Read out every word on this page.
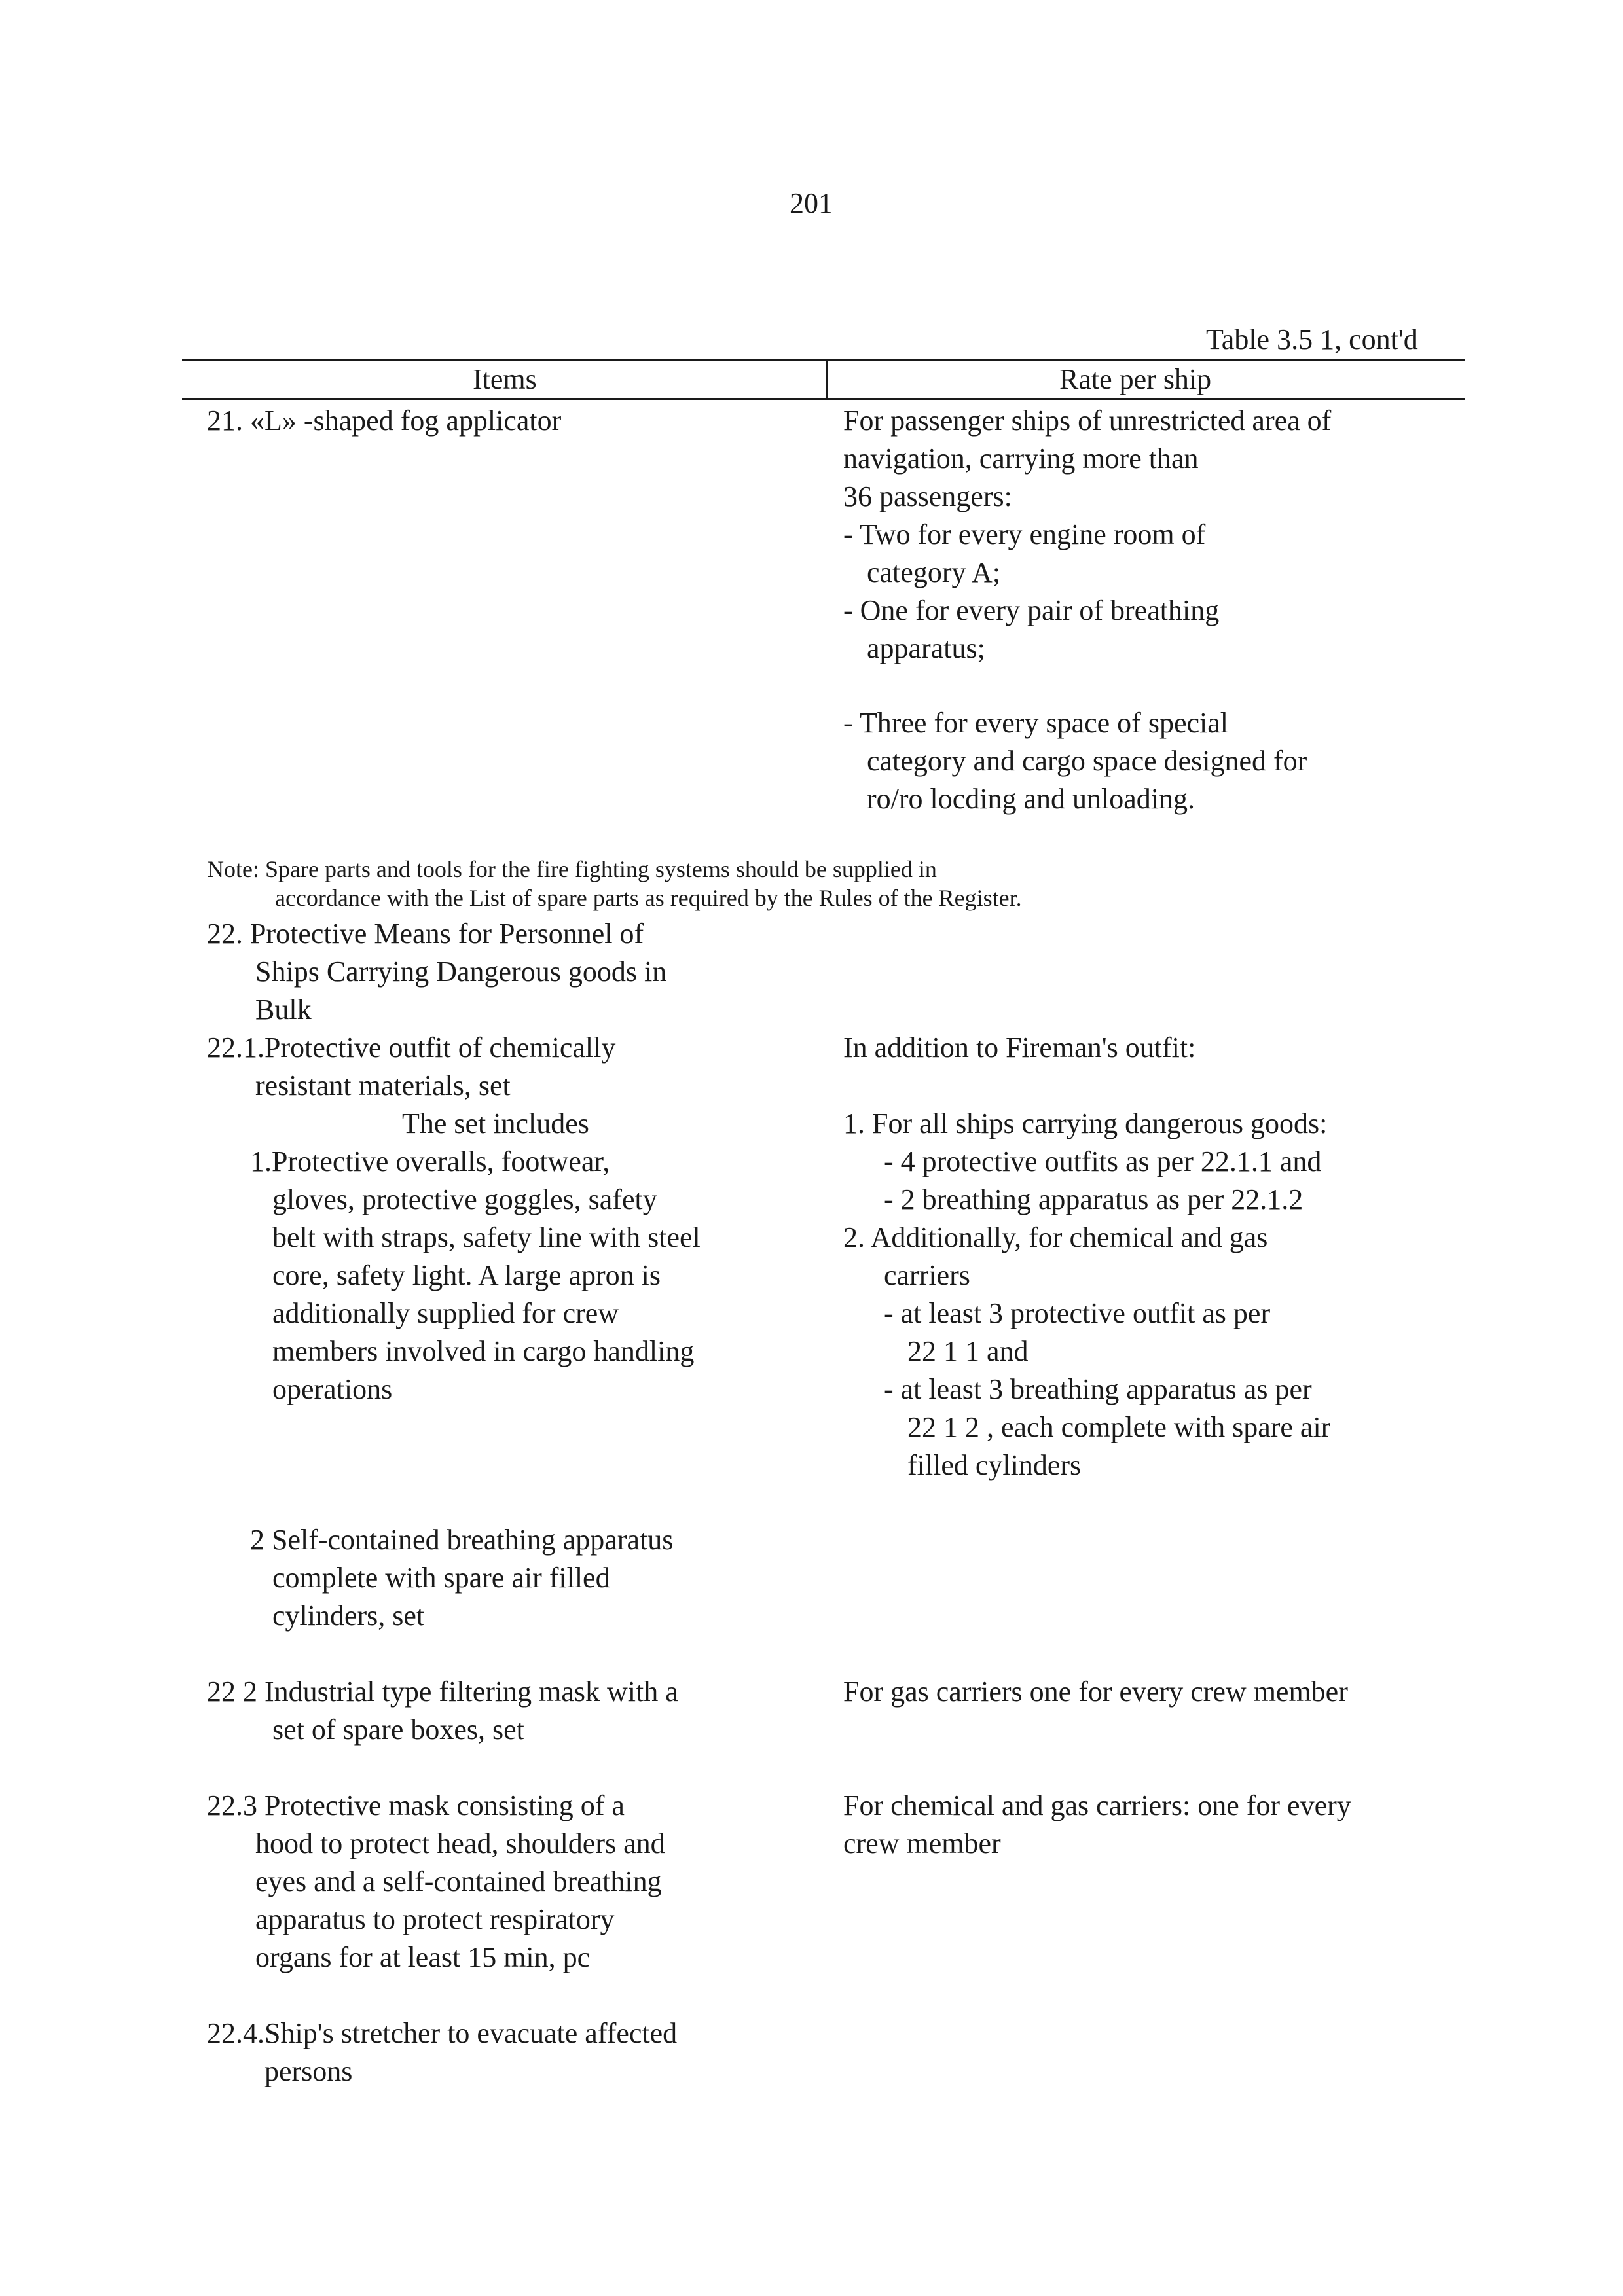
201
Table 3.5 1, cont'd
Items	Rate per ship
21. «L» -shaped fog applicator	For passenger ships of unrestricted area of
navigation, carrying more than
36 passengers:
- Two for every engine room of
category A;
- One for every pair of breathing
apparatus;
- Three for every space of special
category and cargo space designed for
ro/ro locding and unloading.
Note: Spare parts and tools for the fire fighting systems should be supplied in
accordance with the List of spare parts as required by the Rules of the Register.
22. Protective Means for Personnel of
Ships Carrying Dangerous goods in
Bulk
22.1.Protective outfit of chemically
resistant materials, set
The set includes
1.Protective overalls, footwear,
gloves, protective goggles, safety
belt with straps, safety line with steel
core, safety light. A large apron is
additionally supplied for crew
members involved in cargo handling
operations
In addition to Fireman's outfit:
1. For all ships carrying dangerous goods:
- 4 protective outfits as per 22.1.1 and
- 2 breathing apparatus as per 22.1.2
2. Additionally, for chemical and gas
carriers
- at least 3 protective outfit as per
22 1 1 and
- at least 3 breathing apparatus as per
22 1 2 , each complete with spare air
filled cylinders
2 Self-contained breathing apparatus
complete with spare air filled
cylinders, set
22 2 Industrial type filtering mask with a
set of spare boxes, set
For gas carriers one for every crew member
22.3 Protective mask consisting of a
hood to protect head, shoulders and
eyes and a self-contained breathing
apparatus to protect respiratory
organs for at least 15 min, pc
For chemical and gas carriers: one for every
crew member
22.4.Ship's stretcher to evacuate affected
persons
